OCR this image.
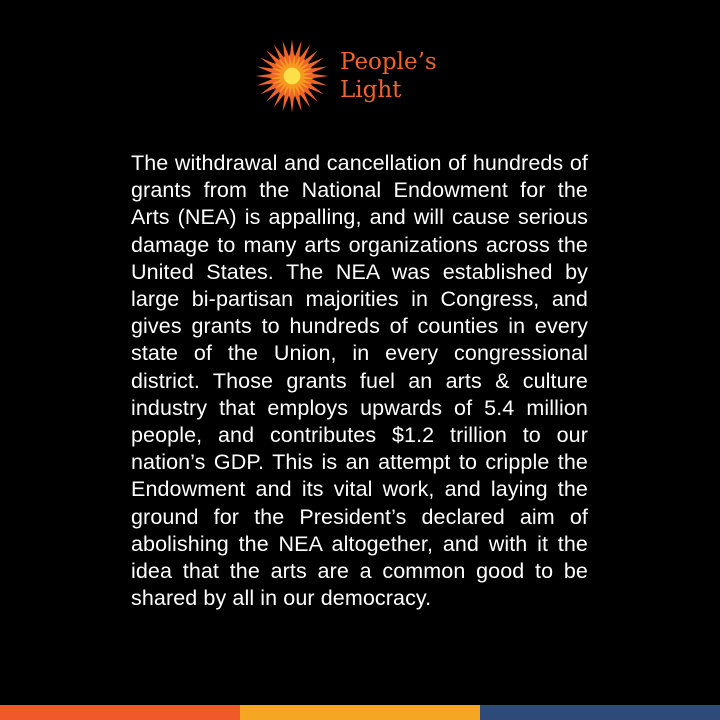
People’s
Light

The withdrawal and cancellation of hundreds of grants from the National Endowment for the Arts (NEA) is appalling, and will cause serious damage to many arts organizations across the United States. The NEA was established by large bi-partisan majorities in Congress, and gives grants to hundreds of counties in every state of the Union, in every congressional district. Those grants fuel an arts & culture industry that employs upwards of 5.4 million people, and contributes $1.2 trillion to our nation’s GDP. This is an attempt to cripple the Endowment and its vital work, and laying the ground for the President’s declared aim of abolishing the NEA altogether, and with it the idea that the arts are a common good to be shared by all in our democracy.
